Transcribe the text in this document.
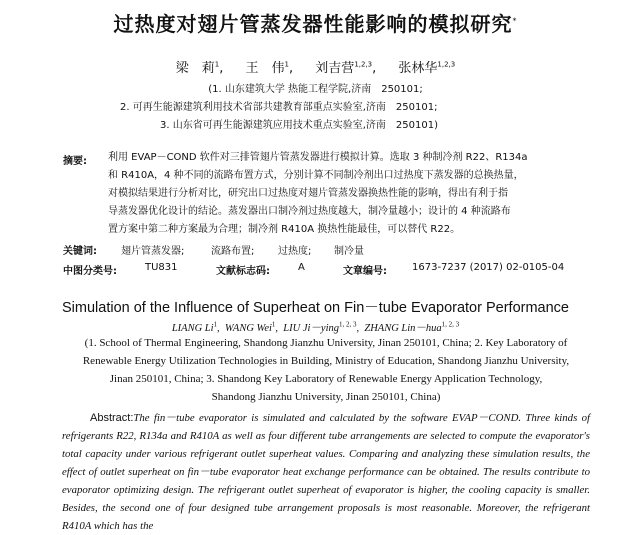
过热度对翅片管蒸发器性能影响的模拟研究*
梁　莉$^1$, 王　伟$^1$, 刘吉营$^{1,2,3}$, 张林华$^{1,2,3}$
(1. 山东建筑大学 热能工程学院,济南　250101;
2. 可再生能源建筑利用技术省部共建教育部重点实验室,济南　250101;
3. 山东省可再生能源建筑应用技术重点实验室,济南　250101)
摘要: 利用 EVAP－COND 软件对三排管翅片管蒸发器进行模拟计算。选取 3 种制冷剂 R22、R134a
和 R410A，4 种不同的流路布置方式，分别计算不同制冷剂出口过热度下蒸发器的总换热量，
对模拟结果进行分析对比，研究出口过热度对翅片管蒸发器换热性能的影响，得出有利于指
导蒸发器优化设计的结论。蒸发器出口制冷剂过热度越大，制冷量越小；设计的 4 种流路布
置方案中第二种方案最为合理；制冷剂 R410A 换热性能最佳，可以替代 R22。
关键词: 翅片管蒸发器;	流路布置; 过热度; 制冷量
中图分类号:	TU831	文献标志码:	A	文章编号:	1673-7237 (2017) 02-0105-04
Simulation of the Influence of Superheat on Fin－tube Evaporator Performance
LIANG Li$^1$,  WANG Wei$^1$,  LIU Ji－ying$^{1, 2, 3}$,  ZHANG Lin－hua$^{1, 2, 3}$
(1. School of Thermal Engineering, Shandong Jianzhu University, Jinan 250101, China; 2. Key Laboratory of
Renewable Energy Utilization Technologies in Building, Ministry of Education, Shandong Jianzhu University,
Jinan 250101, China; 3. Shandong Key Laboratory of Renewable Energy Application Technology,
Shandong Jianzhu University, Jinan 250101, China)
Abstract:The fin－tube evaporator is simulated and calculated by the software EVAP－COND. Three kinds of refrigerants R22, R134a and R410A as well as four different tube arrangements are selected to compute the evaporator's total capacity under various refrigerant outlet superheat values. Comparing and analyzing these simulation results, the effect of outlet superheat on fin－tube evaporator heat exchange performance can be obtained. The results contribute to evaporator optimizing design. The refrigerant outlet superheat of evaporator is higher, the cooling capacity is smaller. Besides, the second one of four designed tube arrangement proposals is most reasonable. Moreover, the refrigerant R410A which has the
